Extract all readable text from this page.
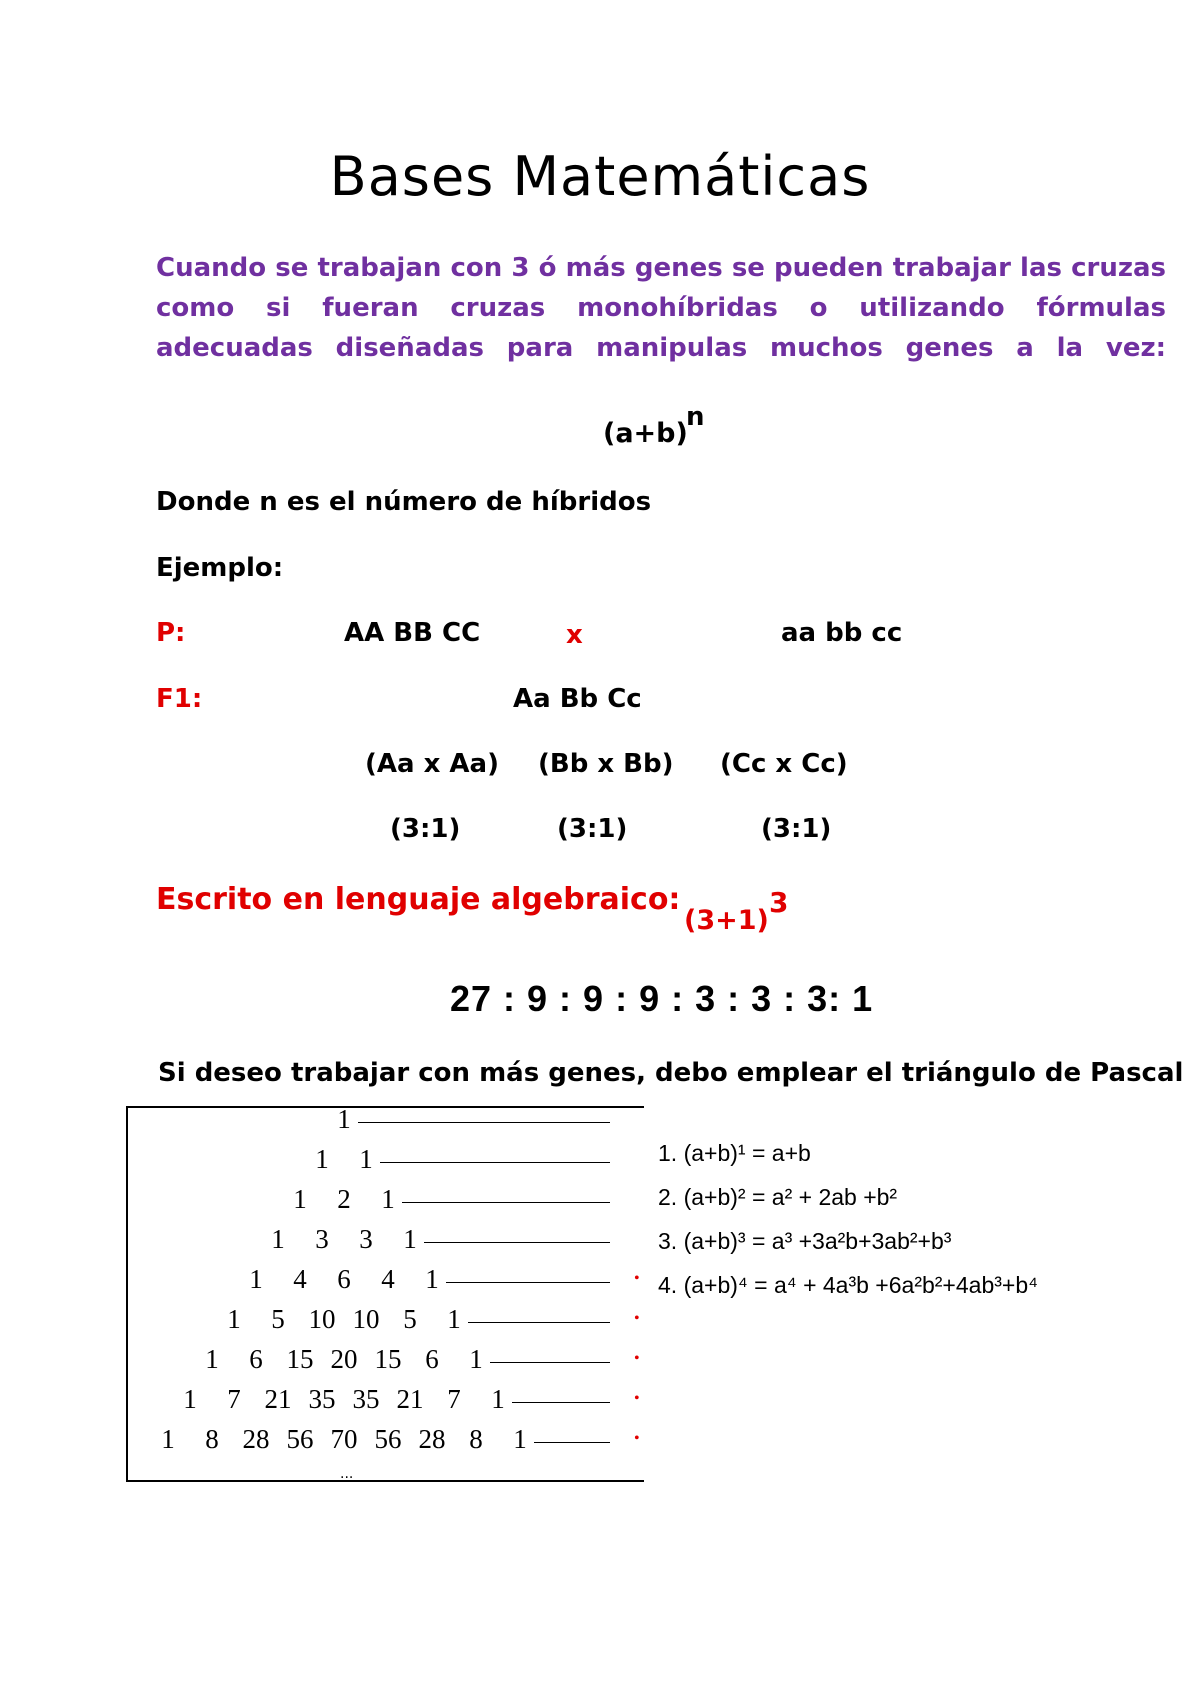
Bases Matemáticas
Cuando se trabajan con 3 ó más genes se pueden trabajar las cruzas como si fueran cruzas monohíbridas o utilizando fórmulas adecuadas diseñadas para manipulas muchos genes a la vez:
(a+b)
n
Donde n es el número de híbridos
Ejemplo:
P:	AA BB CC	x	aa bb cc
F1:	Aa Bb Cc
(Aa x Aa) (Bb x Bb) (Cc x Cc)
(3:1)	(3:1)	(3:1)
Escrito en lenguaje algebraico:
(3+1)
3
27 : 9 : 9 : 9 : 3 : 3 : 3: 1
Si deseo trabajar con más genes, debo emplear el triángulo de Pascal
1
1	1
1	2	1
1	3	3	1
1	4	6	4	1	•
1	5 10 10 5	1	•
1	6 15 20 15 6	1	•
1	7 21 35 35 21 7	1	•
1	8 28 56 70 56 28 8	1	•
...
1. (a+b)¹ = a+b
2. (a+b)² = a² + 2ab +b²
3. (a+b)³ = a³ +3a²b+3ab²+b³
4. (a+b)⁴ = a⁴ + 4a³b +6a²b²+4ab³+b⁴
